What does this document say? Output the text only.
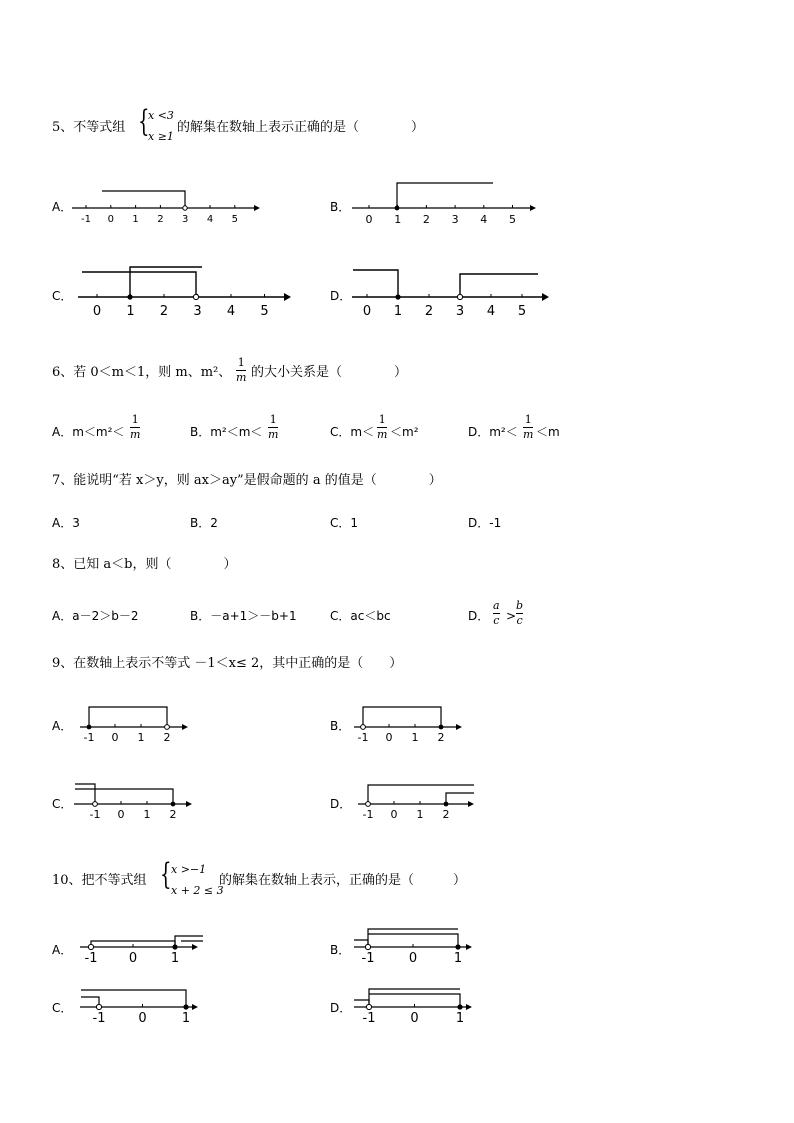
5、不等式组 {
x <3
x ≥1
的解集在数轴上表示正确的是（　　　　）
A．
-1 0 1 2 3 4 5
B．
0 1 2 3 4 5
C．
0 1 2 3 4 5
D．
0 1 2 3 4 5
6、若 0＜m＜1，则 m、m²、
1
m 的大小关系是（　　　　）
A．m＜m²＜
1
m	B．m²＜m＜
1
m	C．m＜
1
m ＜m²	D．m²＜
1
m ＜m
7、能说明“若 x＞y，则 ax＞ay”是假命题的 a 的值是（　　　　）
A．3	B．2	C．1	D．-1
8、已知 a＜b，则（　　　　）
A．a－2＞b－2	B．－a+1＞－b+1	C．ac＜bc	D．
a
c >
b
c
9、在数轴上表示不等式 －1＜x≤ 2，其中正确的是（　　）
A．
-1 0 1 2
B．
-1 0 1 2
C．
-1 0 1 2
D．
-1 0 1 2
10、把不等式组 { x >−1
x + 2 ≤ 3
的解集在数轴上表示，正确的是（　　　）
A．
-1 0	1
B．
-1	0	1
C．
-1	0	1
D．
-1	0	1
